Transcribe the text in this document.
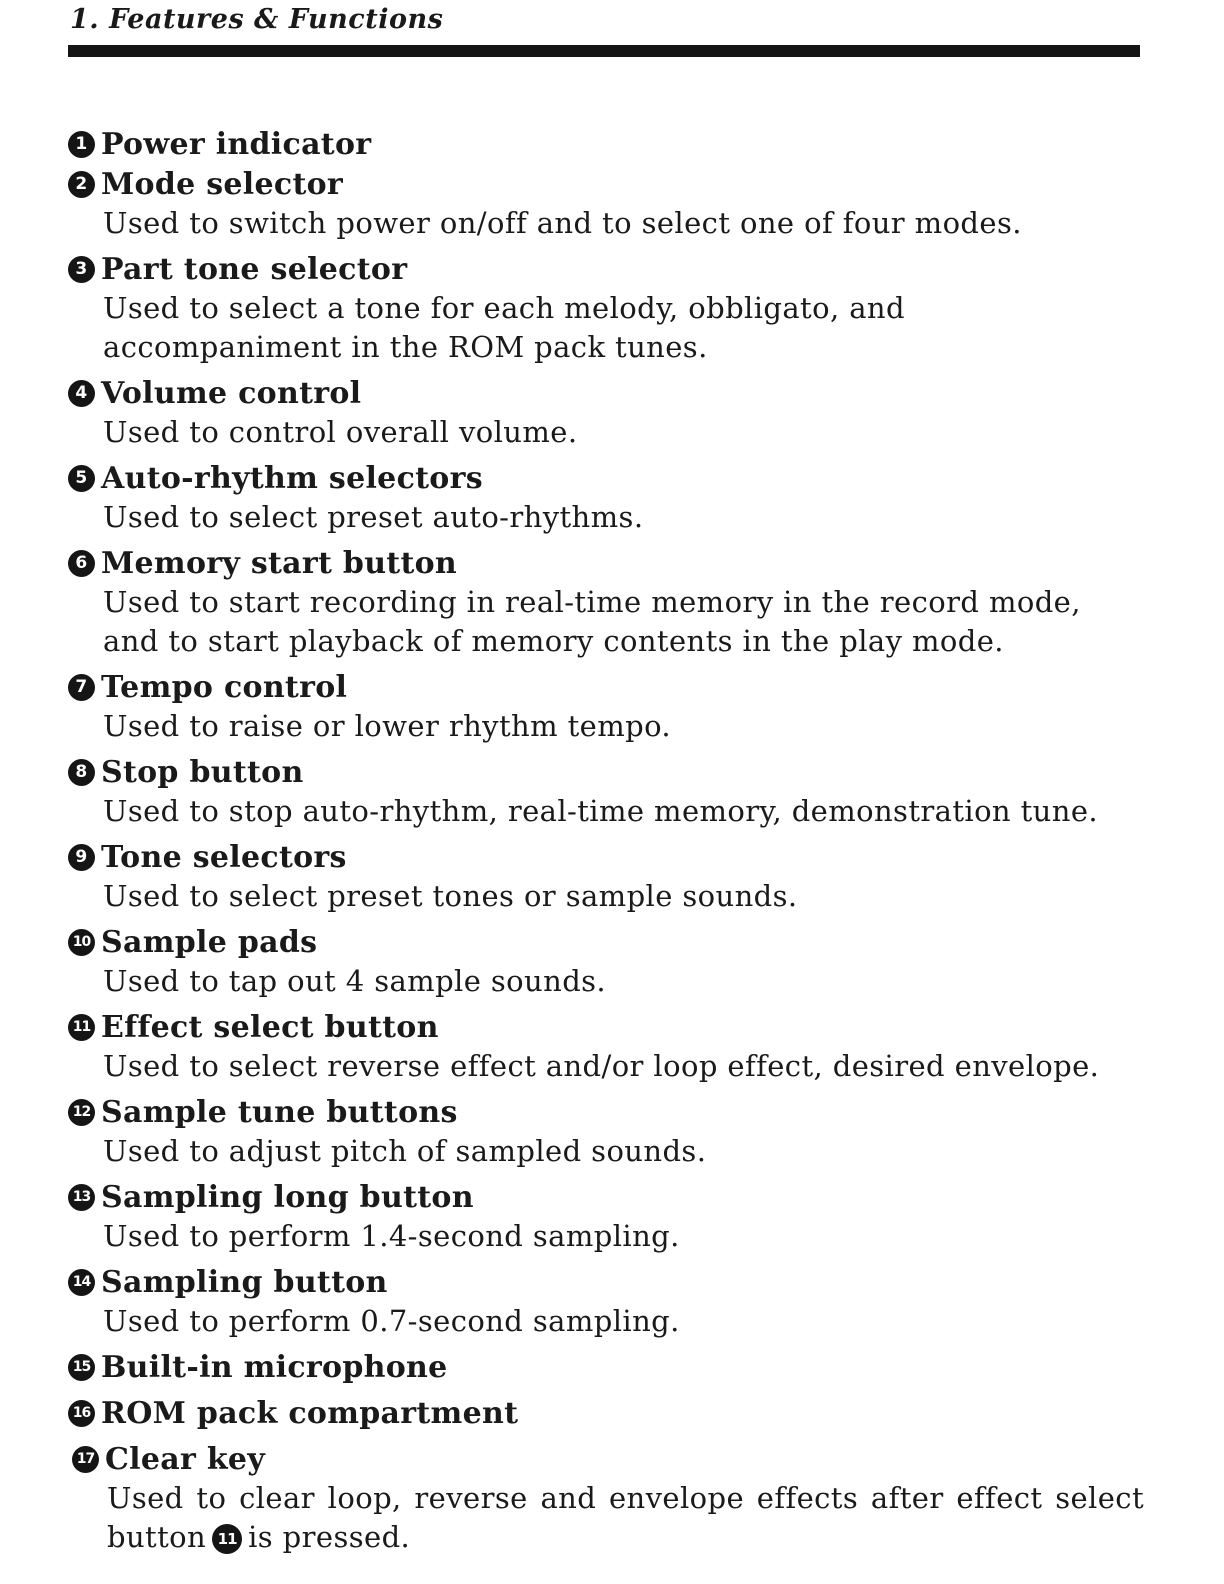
1. Features & Functions
1 Power indicator
2 Mode selector
Used to switch power on/off and to select one of four modes.
3 Part tone selector
Used to select a tone for each melody, obbligato, and accompaniment in the ROM pack tunes.
4 Volume control
Used to control overall volume.
5 Auto-rhythm selectors
Used to select preset auto-rhythms.
6 Memory start button
Used to start recording in real-time memory in the record mode, and to start playback of memory contents in the play mode.
7 Tempo control
Used to raise or lower rhythm tempo.
8 Stop button
Used to stop auto-rhythm, real-time memory, demonstration tune.
9 Tone selectors
Used to select preset tones or sample sounds.
10 Sample pads
Used to tap out 4 sample sounds.
11 Effect select button
Used to select reverse effect and/or loop effect, desired envelope.
12 Sample tune buttons
Used to adjust pitch of sampled sounds.
13 Sampling long button
Used to perform 1.4-second sampling.
14 Sampling button
Used to perform 0.7-second sampling.
15 Built-in microphone
16 ROM pack compartment
17 Clear key
Used to clear loop, reverse and envelope effects after effect select button 11 is pressed.
